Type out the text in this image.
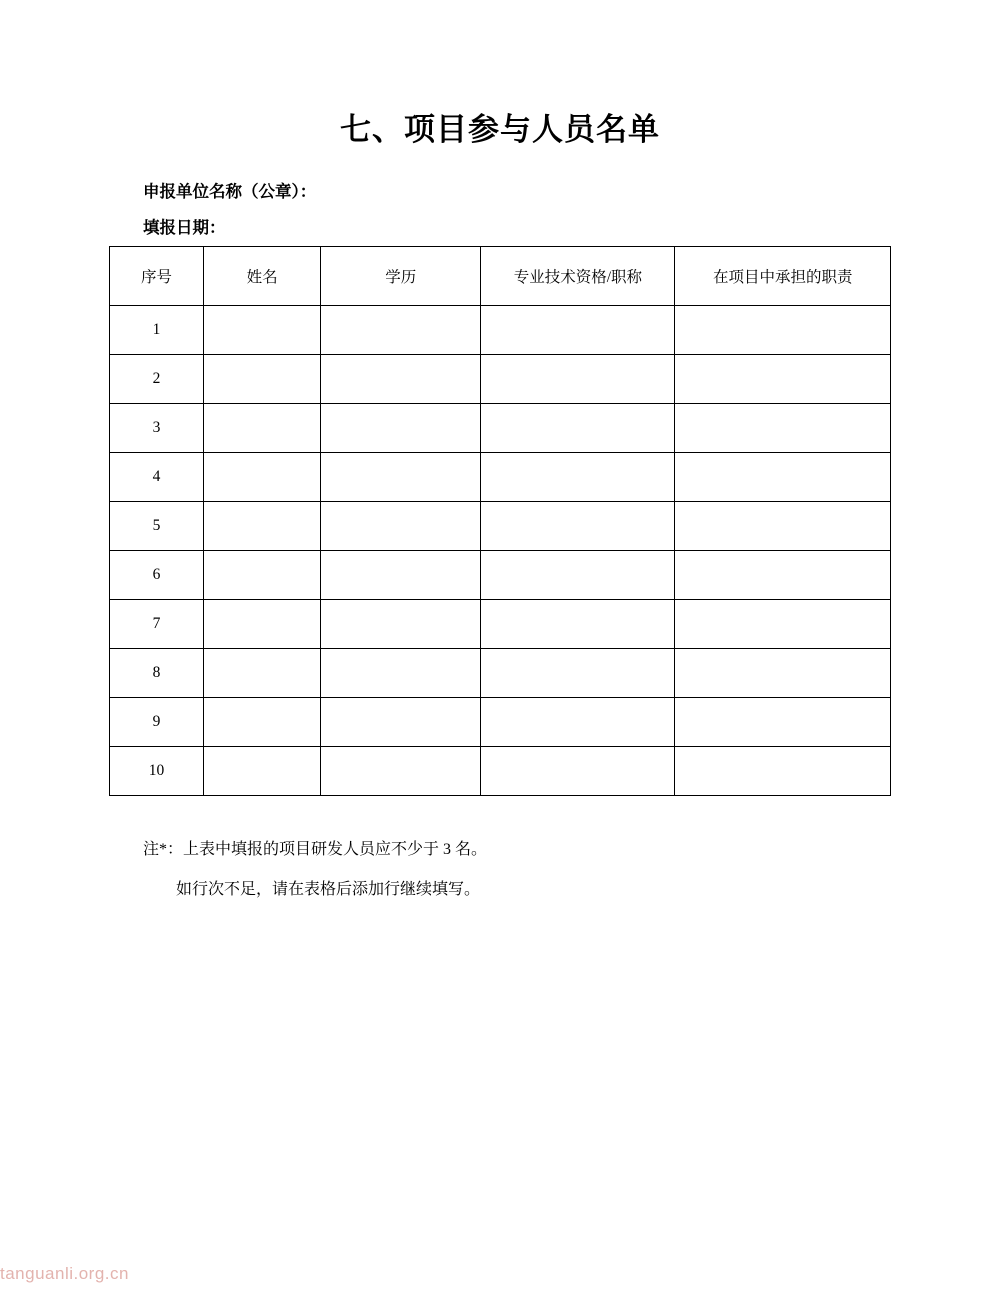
七、项目参与人员名单
申报单位名称（公章）：
填报日期：
序号	姓名	学历	专业技术资格/职称	在项目中承担的职责
1				
2				
3				
4				
5				
6				
7				
8				
9				
10				
注*：上表中填报的项目研发人员应不少于 3 名。
如行次不足，请在表格后添加行继续填写。
tanguanli.org.cn
